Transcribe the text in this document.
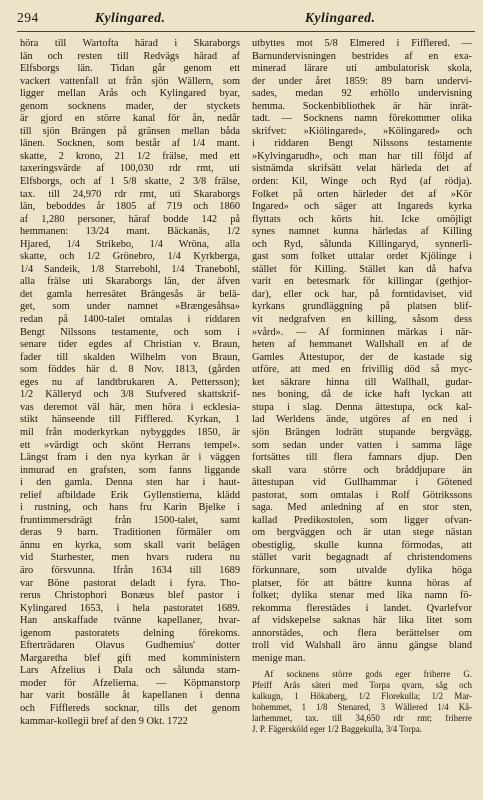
294	Kylingared.	Kylingared.
höra till Wartofta härad i Skaraborgs
län och resten till Redvägs härad af
Elfsborgs län. Tidan går genom ett
vackert vattenfall ut från sjön Wällern, som
ligger mellan Arås och Kylingared byar,
genom socknens mader, der styckets
är gjord en större kanal för ån, nedår
till sjön Brängen på gränsen mellan båda
länen. Socknen, som består af 1/4 mant.
skatte, 2 krono, 21 1/2 frälse, med ett
taxeringsvärde af 100,030 rdr rmt, uti
Elfsborgs, och af 1 5/8 skatte, 2 3/8 frälse,
tax. till 24,970 rdr rmt, uti Skaraborgs
län, beboddes år 1805 af 719 och 1860
af 1,280 personer, häraf bodde 142 på
hemmanen: 13/24 mant. Bäckanäs, 1/2
Hjared, 1/4 Strikebo, 1/4 Wröna, alla
skatte, och 1/2 Grönebro, 1/4 Kyrkberga,
1/4 Sandeik, 1/8 Starrebohl, 1/4 Tranebohl,
alla frälse uti Skaraborgs län, der äfven
det gamla herresätet Brängesås är belä-
get, som under namnet »Brængesåhsa»
redan på 1400-talet omtalas i riddaren
Bengt Nilssons testamente, och som i
senare tider egdes af Christian v. Braun,
fader till skalden Wilhelm von Braun,
som föddes här d. 8 Nov. 1813, (gården
eges nu af landtbrukaren A. Pettersson);
1/2 Källeryd och 3/8 Stufvered skattskrif-
vas deremot väl här, men höra i ecklesia-
stikt hänseende till Fifflered. Kyrkan, 1
mil från moderkyrkan nybyggdes 1850, är
ett »värdigt och skönt Herrans tempel».
Längst fram i den nya kyrkan är i väggen
inmurad en grafsten, som fanns liggande
i den gamla. Denna sten har i haut-
relief afbildade Erik Gyllenstierna, klädd
i rustning, och hans fru Karin Bjelke i
fruntimmersdrägt från 1500-talet, samt
deras 9 barn. Traditionen förmäler om
ännu en kyrka, som skall varit belägen
vid Starhester, men hvars rudera nu
äro försvunna. Ifrån 1634 till 1689
var Böne pastorat deladt i fyra. Tho-
rerus Christophori Bonæus blef pastor i
Kylingared 1653, i hela pastoratet 1689.
Han anskaffade tvänne kapellaner, hvar-
igenom pastoratets delning förekoms.
Efterträdaren Olavus Gudhemius' dotter
Margaretha blef gift med komministern
Lars Afzelius i Dala och sålunda stam-
moder för Afzelierna. — Köpmanstorp
har varit boställe åt kapellanen i denna
och Fifflereds socknar, tills det genom
kammar-kollegii bref af den 9 Okt. 1722
utbyttes mot 5/8 Elmered i Fifflered. —
Barnundervisningen bestrides af en exa-
minerad lärare uti ambulatorisk skola,
der under året 1859: 89 barn undervi-
sades, medan 92 erhöllo undervisning
hemma. Sockenbibliothek är här inrät-
tadt. — Socknens namn förekommer olika
skrifvet: »Kiölingared», »Kölingared» och
i riddaren Bengt Nilssons testamente
»Kylvingarudh», och man har till följd af
sistnämda skrifsätt velat härleda det af
orden: Kil, Winge och Ryd (af rödja).
Folket på orten härleder det af »Kör
Ingared» och säger att Ingareds kyrka
flyttats och körts hit. Icke omöjligt
synes namnet kunna härledas af Killing
och Ryd, sålunda Killingaryd, synnerli-
gast som folket uttalar ordet Kjölinge i
stället för Killing. Stället kan då hafva
varit en betesmark för killingar (gethjor-
dar), eller ock har, på forntidaviset, vid
kyrkans grundläggning på platsen blif-
vit nedgrafven en killing, såsom dess
»vård». — Af forminnen märkas i när-
heten af hemmanet Wallshall en af de
Gamles Ättestupor, der de kastade sig
utföre, att med en frivillig död så myc-
ket säkrare hinna till Wallhall, gudar-
nes boning, då de icke haft lyckan att
stupa i slag. Denna ättestupa, ock kal-
lad Werldens ände, utgöres af en ned i
sjön Brängen lodrätt stupande bergvägg,
som sedan under vatten i samma läge
fortsättes till flera famnars djup. Den
skall vara större och bråddjupare än
ättestupan vid Gullhammar i Götened
pastorat, som omtalas i Rolf Götrikssons
saga. Med anledning af en stor sten,
kallad Predikostolen, som ligger ofvan-
om bergväggen och är utan stege nästan
obestiglig, skulle kunna förmodas, att
stället varit begagnadt af christendomens
förkunnare, som utvalde dylika höga
platser, för att bättre kunna höras af
folket; dylika stenar med lika namn fö-
rekomma flerestädes i landet. Qvarlefvor
af vidskepelse saknas här lika litet som
annorstädes, och flera berättelser om
troll vid Walshall äro ännu gängse bland
menige man.
Af socknens större gods eger friherre G.
Pfeiff Arås säteri med Torpa qvarn, såg och
kalkugn, 1 Hökaberg, 1/2 Florekulla; 1/2 Mar-
bohemmet, 1 1/8 Stenared, 3 Wällered 1/4 Kå-
larhemmet, tax. till 34,650 rdr rmt; friherre
J. P. Fägersköld eger 1/2 Baggekulla, 3/4 Torpa.
